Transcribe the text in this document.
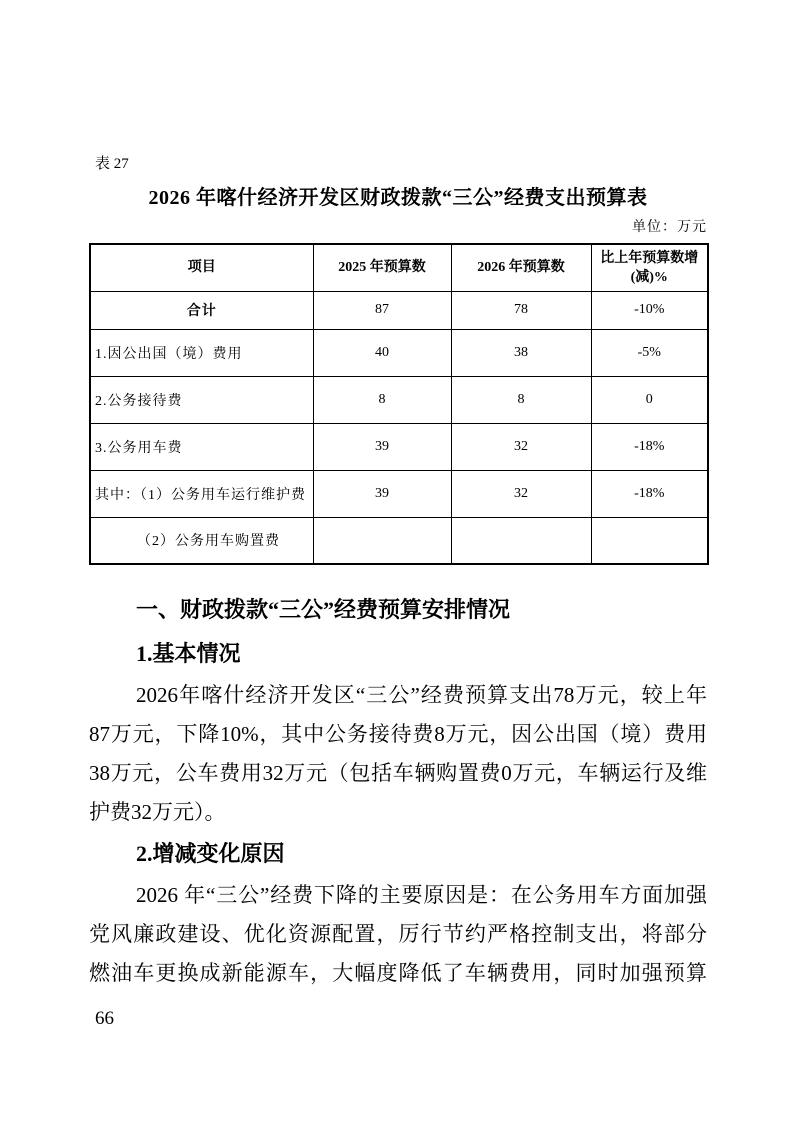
表 27
2026 年喀什经济开发区财政拨款“三公”经费支出预算表
单位：万元
项目	2025 年预算数	2026 年预算数	比上年预算数增(减)%
合计	87	78	-10%
1.因公出国（境）费用	40	38	-5%
2.公务接待费	8	8	0
3.公务用车费	39	32	-18%
其中：（1）公务用车运行维护费	39	32	-18%
（2）公务用车购置费			
一、财政拨款“三公”经费预算安排情况
1.基本情况
2026年喀什经济开发区“三公”经费预算支出78万元，较上年
87万元，下降10%，其中公务接待费8万元，因公出国（境）费用
38万元，公车费用32万元（包括车辆购置费0万元，车辆运行及维
护费32万元）。
2.增减变化原因
2026 年“三公”经费下降的主要原因是：在公务用车方面加强
党风廉政建设、优化资源配置，厉行节约严格控制支出，将部分
燃油车更换成新能源车，大幅度降低了车辆费用，同时加强预算
66
